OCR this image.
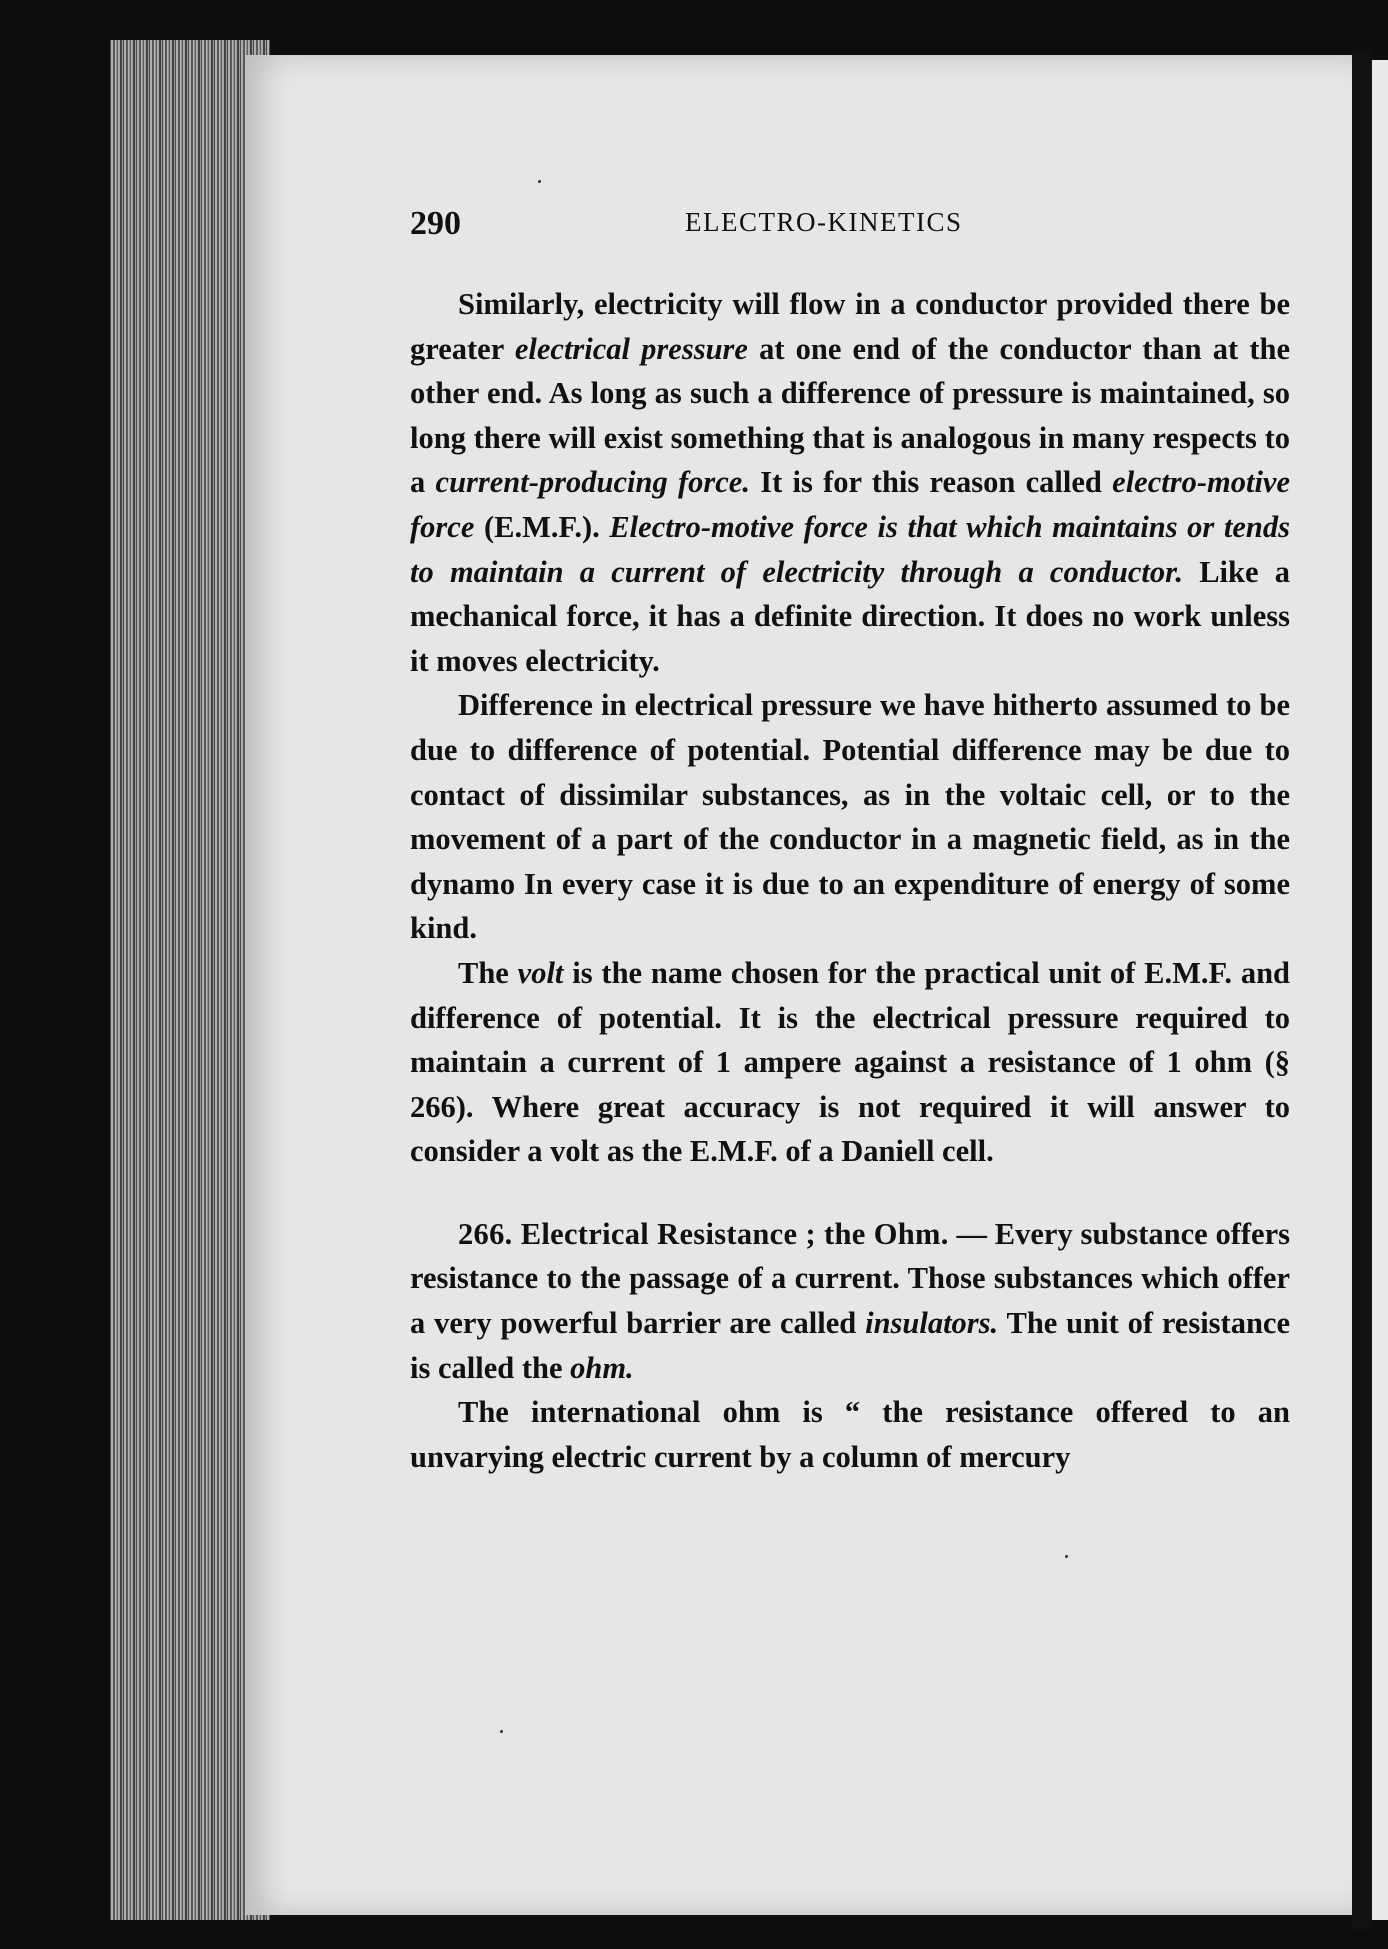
290	ELECTRO-KINETICS

Similarly, electricity will flow in a conductor provided there be greater electrical pressure at one end of the conductor than at the other end. As long as such a difference of pressure is maintained, so long there will exist something that is analogous in many respects to a current-producing force. It is for this reason called electro-motive force (E.M.F.). Electro-motive force is that which maintains or tends to maintain a current of electricity through a conductor. Like a mechanical force, it has a definite direction. It does no work unless it moves electricity.

Difference in electrical pressure we have hitherto assumed to be due to difference of potential. Potential difference may be due to contact of dissimilar substances, as in the voltaic cell, or to the movement of a part of the conductor in a magnetic field, as in the dynamo In every case it is due to an expenditure of energy of some kind.

The volt is the name chosen for the practical unit of E.M.F. and difference of potential. It is the electrical pressure required to maintain a current of 1 ampere against a resistance of 1 ohm (§ 266). Where great accuracy is not required it will answer to consider a volt as the E.M.F. of a Daniell cell.

266. Electrical Resistance ; the Ohm. — Every substance offers resistance to the passage of a current. Those substances which offer a very powerful barrier are called insulators. The unit of resistance is called the ohm.

The international ohm is “ the resistance offered to an unvarying electric current by a column of mercury
